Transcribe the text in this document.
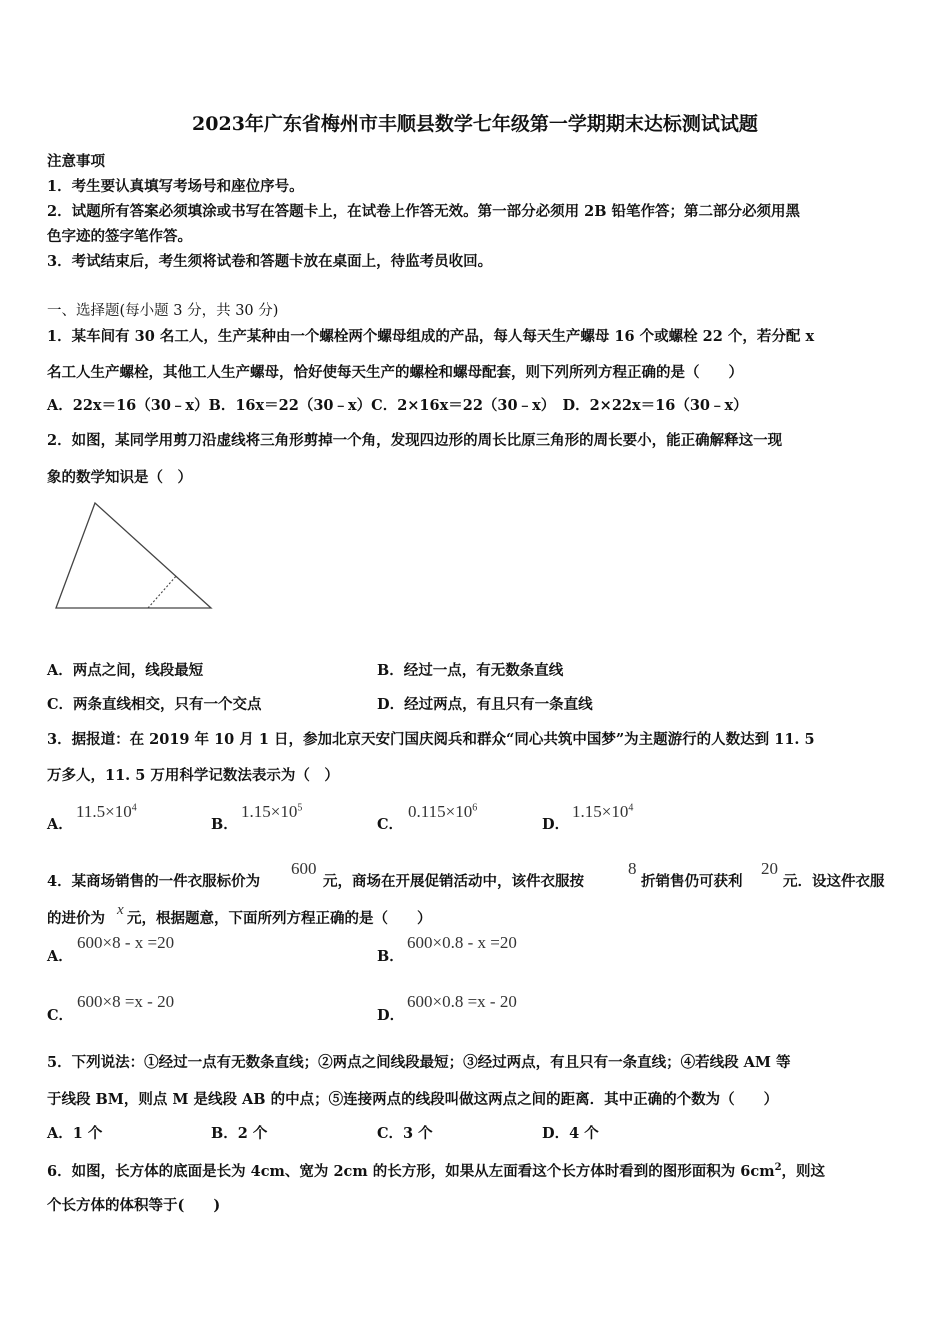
2023年广东省梅州市丰顺县数学七年级第一学期期末达标测试试题
注意事项
1．考生要认真填写考场号和座位序号。
2．试题所有答案必须填涂或书写在答题卡上，在试卷上作答无效。第一部分必须用 2B 铅笔作答；第二部分必须用黑
色字迹的签字笔作答。
3．考试结束后，考生须将试卷和答题卡放在桌面上，待监考员收回。
一、选择题(每小题 3 分，共 30 分)
1．某车间有 30 名工人，生产某种由一个螺栓两个螺母组成的产品，每人每天生产螺母 16 个或螺栓 22 个，若分配 x
名工人生产螺栓，其他工人生产螺母，恰好使每天生产的螺栓和螺母配套，则下列所列方程正确的是（　　）
A．22x＝16（30﹣x）B．16x＝22（30﹣x）C．2×16x＝22（30﹣x）　D．2×22x＝16（30﹣x）
2．如图，某同学用剪刀沿虚线将三角形剪掉一个角，发现四边形的周长比原三角形的周长要小，能正确解释这一现
象的数学知识是（　）
A．两点之间，线段最短	B．经过一点，有无数条直线
C．两条直线相交，只有一个交点	D．经过两点，有且只有一条直线
3．据报道：在 2019 年 10 月 1 日，参加北京天安门国庆阅兵和群众“同心共筑中国梦”为主题游行的人数达到 11. 5
万多人，11. 5 万用科学记数法表示为（　）
A．
$11.5\times 10^4$
B．
$1.15\times 10^5$
C．
$0.115\times 10^6$
D．
$1.15\times 10^4$
4．某商场销售的一件衣服标价为
600
元，商场在开展促销活动中，该件衣服按
8
折销售仍可获利
20
元．设这件衣服
的进价为 x 元，根据题意，下面所列方程正确的是（　　）
A．
600×8 - x =20
B．
600×0.8 - x =20
C．
600×8 =x - 20
D．
600×0.8 =x - 20
5．下列说法：①经过一点有无数条直线；②两点之间线段最短；③经过两点，有且只有一条直线；④若线段 AM 等
于线段 BM，则点 M 是线段 AB 的中点；⑤连接两点的线段叫做这两点之间的距离．其中正确的个数为（　　）
A．1 个	B．2 个	C．3 个	D．4 个
6．如图，长方体的底面是长为 4cm、宽为 2cm 的长方形，如果从左面看这个长方体时看到的图形面积为 $6cm^2$，则这
个长方体的体积等于(　　)
